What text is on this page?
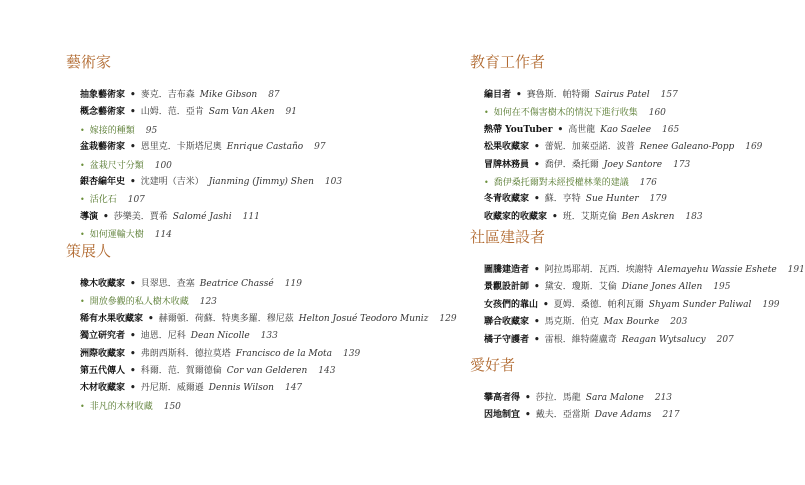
藝術家
抽象藝術家 • 麥克．吉布森 Mike Gibson 87
概念藝術家 • 山姆．范．亞肯 Sam Van Aken 91
• 嫁接的種類 95
盆栽藝術家 • 恩里克．卡斯塔尼奧 Enrique Castaño 97
• 盆栽尺寸分類 100
銀杏編年史 • 沈建明（吉米） Jianming (Jimmy) Shen 103
• 活化石 107
導演 • 莎樂美．賈希 Salomé Jashi 111
• 如何運輸大樹 114
策展人
橡木收藏家 • 貝翠思．查塞 Beatrice Chassé 119
• 開放參觀的私人樹木收藏 123
稀有水果收藏家 • 赫爾頓．荷蘇．特奧多羅．穆尼茲 Helton Josué Teodoro Muniz 129
獨立研究者 • 迪恩．尼科 Dean Nicolle 133
洲際收藏家 • 弗朗西斯科．德拉莫塔 Francisco de la Mota 139
第五代傳人 • 科爾．范．賀爾德倫 Cor van Gelderen 143
木材收藏家 • 丹尼斯．威爾遜 Dennis Wilson 147
• 非凡的木材收藏 150
教育工作者
編目者 • 賽魯斯．帕特爾 Sairus Patel 157
• 如何在不傷害樹木的情況下進行收集 160
熱帶 YouTuber • 高世龍 Kao Saelee 165
松果收藏家 • 蕾妮．加萊亞諾．波普 Renee Galeano-Popp 169
冒牌林務員 • 喬伊．桑托爾 Joey Santore 173
• 喬伊桑托爾對未經授權林業的建議 176
冬青收藏家 • 蘇．亨特 Sue Hunter 179
收藏家的收藏家 • 班．艾斯克倫 Ben Askren 183
社區建設者
圖騰建造者 • 阿拉馬耶胡．瓦西．埃謝特 Alemayehu Wassie Eshete 191
景觀設計師 • 黛安．瓊斯．艾倫 Diane Jones Allen 195
女孩們的靠山 • 夏姆．桑德．帕利瓦爾 Shyam Sunder Paliwal 199
聯合收藏家 • 馬克斯．伯克 Max Bourke 203
橘子守護者 • 雷根．維特薩盧奇 Reagan Wytsalucy 207
愛好者
攀高者得 • 莎拉．馬龍 Sara Malone 213
因地制宜 • 戴夫．亞當斯 Dave Adams 217
